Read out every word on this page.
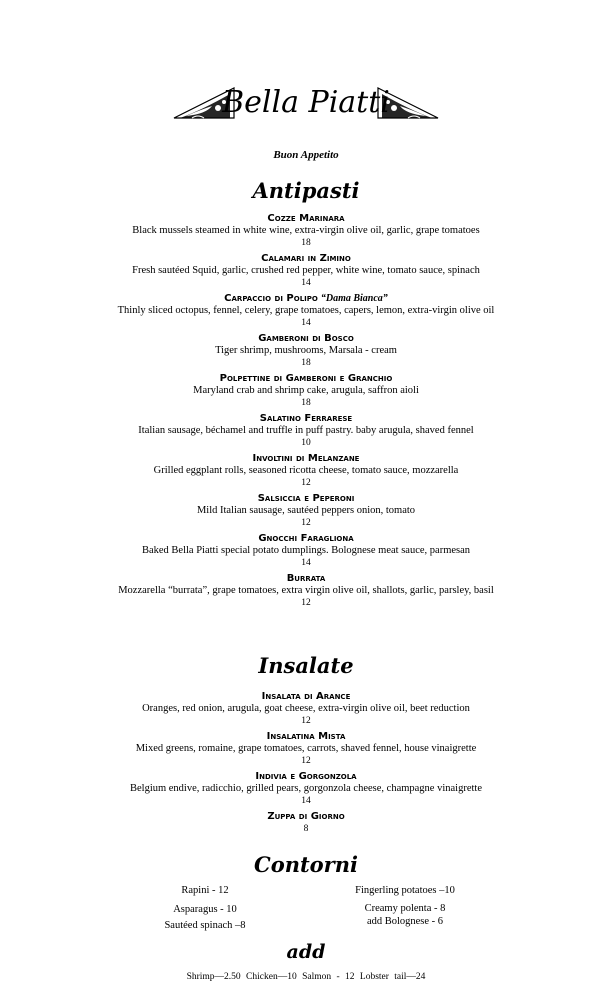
Bella Piatti
Buon Appetito
Antipasti
Cozze Marinara
Black mussels steamed in white wine, extra-virgin olive oil, garlic, grape tomatoes
18
Calamari in Zimino
Fresh sautéed Squid, garlic, crushed red pepper, white wine, tomato sauce, spinach
14
Carpaccio di Polipo “Dama Bianca”
Thinly sliced octopus, fennel, celery, grape tomatoes, capers, lemon, extra-virgin olive oil
14
Gamberoni di Bosco
Tiger shrimp, mushrooms, Marsala - cream
18
Polpettine di Gamberoni e Granchio
Maryland crab and shrimp cake, arugula, saffron aioli
18
Salatino Ferrarese
Italian sausage, béchamel and truffle in puff pastry. baby arugula, shaved fennel
10
Involtini di Melanzane
Grilled eggplant rolls, seasoned ricotta cheese, tomato sauce, mozzarella
12
Salsiccia e Peperoni
Mild Italian sausage, sautéed peppers onion, tomato
12
Gnocchi Faragliona
Baked Bella Piatti special potato dumplings. Bolognese meat sauce, parmesan
14
Burrata
Mozzarella “burrata”, grape tomatoes, extra virgin olive oil, shallots, garlic, parsley, basil
12
Insalate
Insalata di Arance
Oranges, red onion, arugula, goat cheese, extra-virgin olive oil, beet reduction
12
Insalatina Mista
Mixed greens, romaine, grape tomatoes, carrots, shaved fennel, house vinaigrette
12
Indivia e Gorgonzola
Belgium endive, radicchio, grilled pears, gorgonzola cheese, champagne vinaigrette
14
Zuppa di Giorno
8
Contorni
Rapini - 12
Asparagus - 10
Sautéed spinach –8
Fingerling potatoes –10
Creamy polenta - 8
add Bolognese - 6
add
Shrimp—2.50 Chicken—10 Salmon - 12 Lobster tail—24
